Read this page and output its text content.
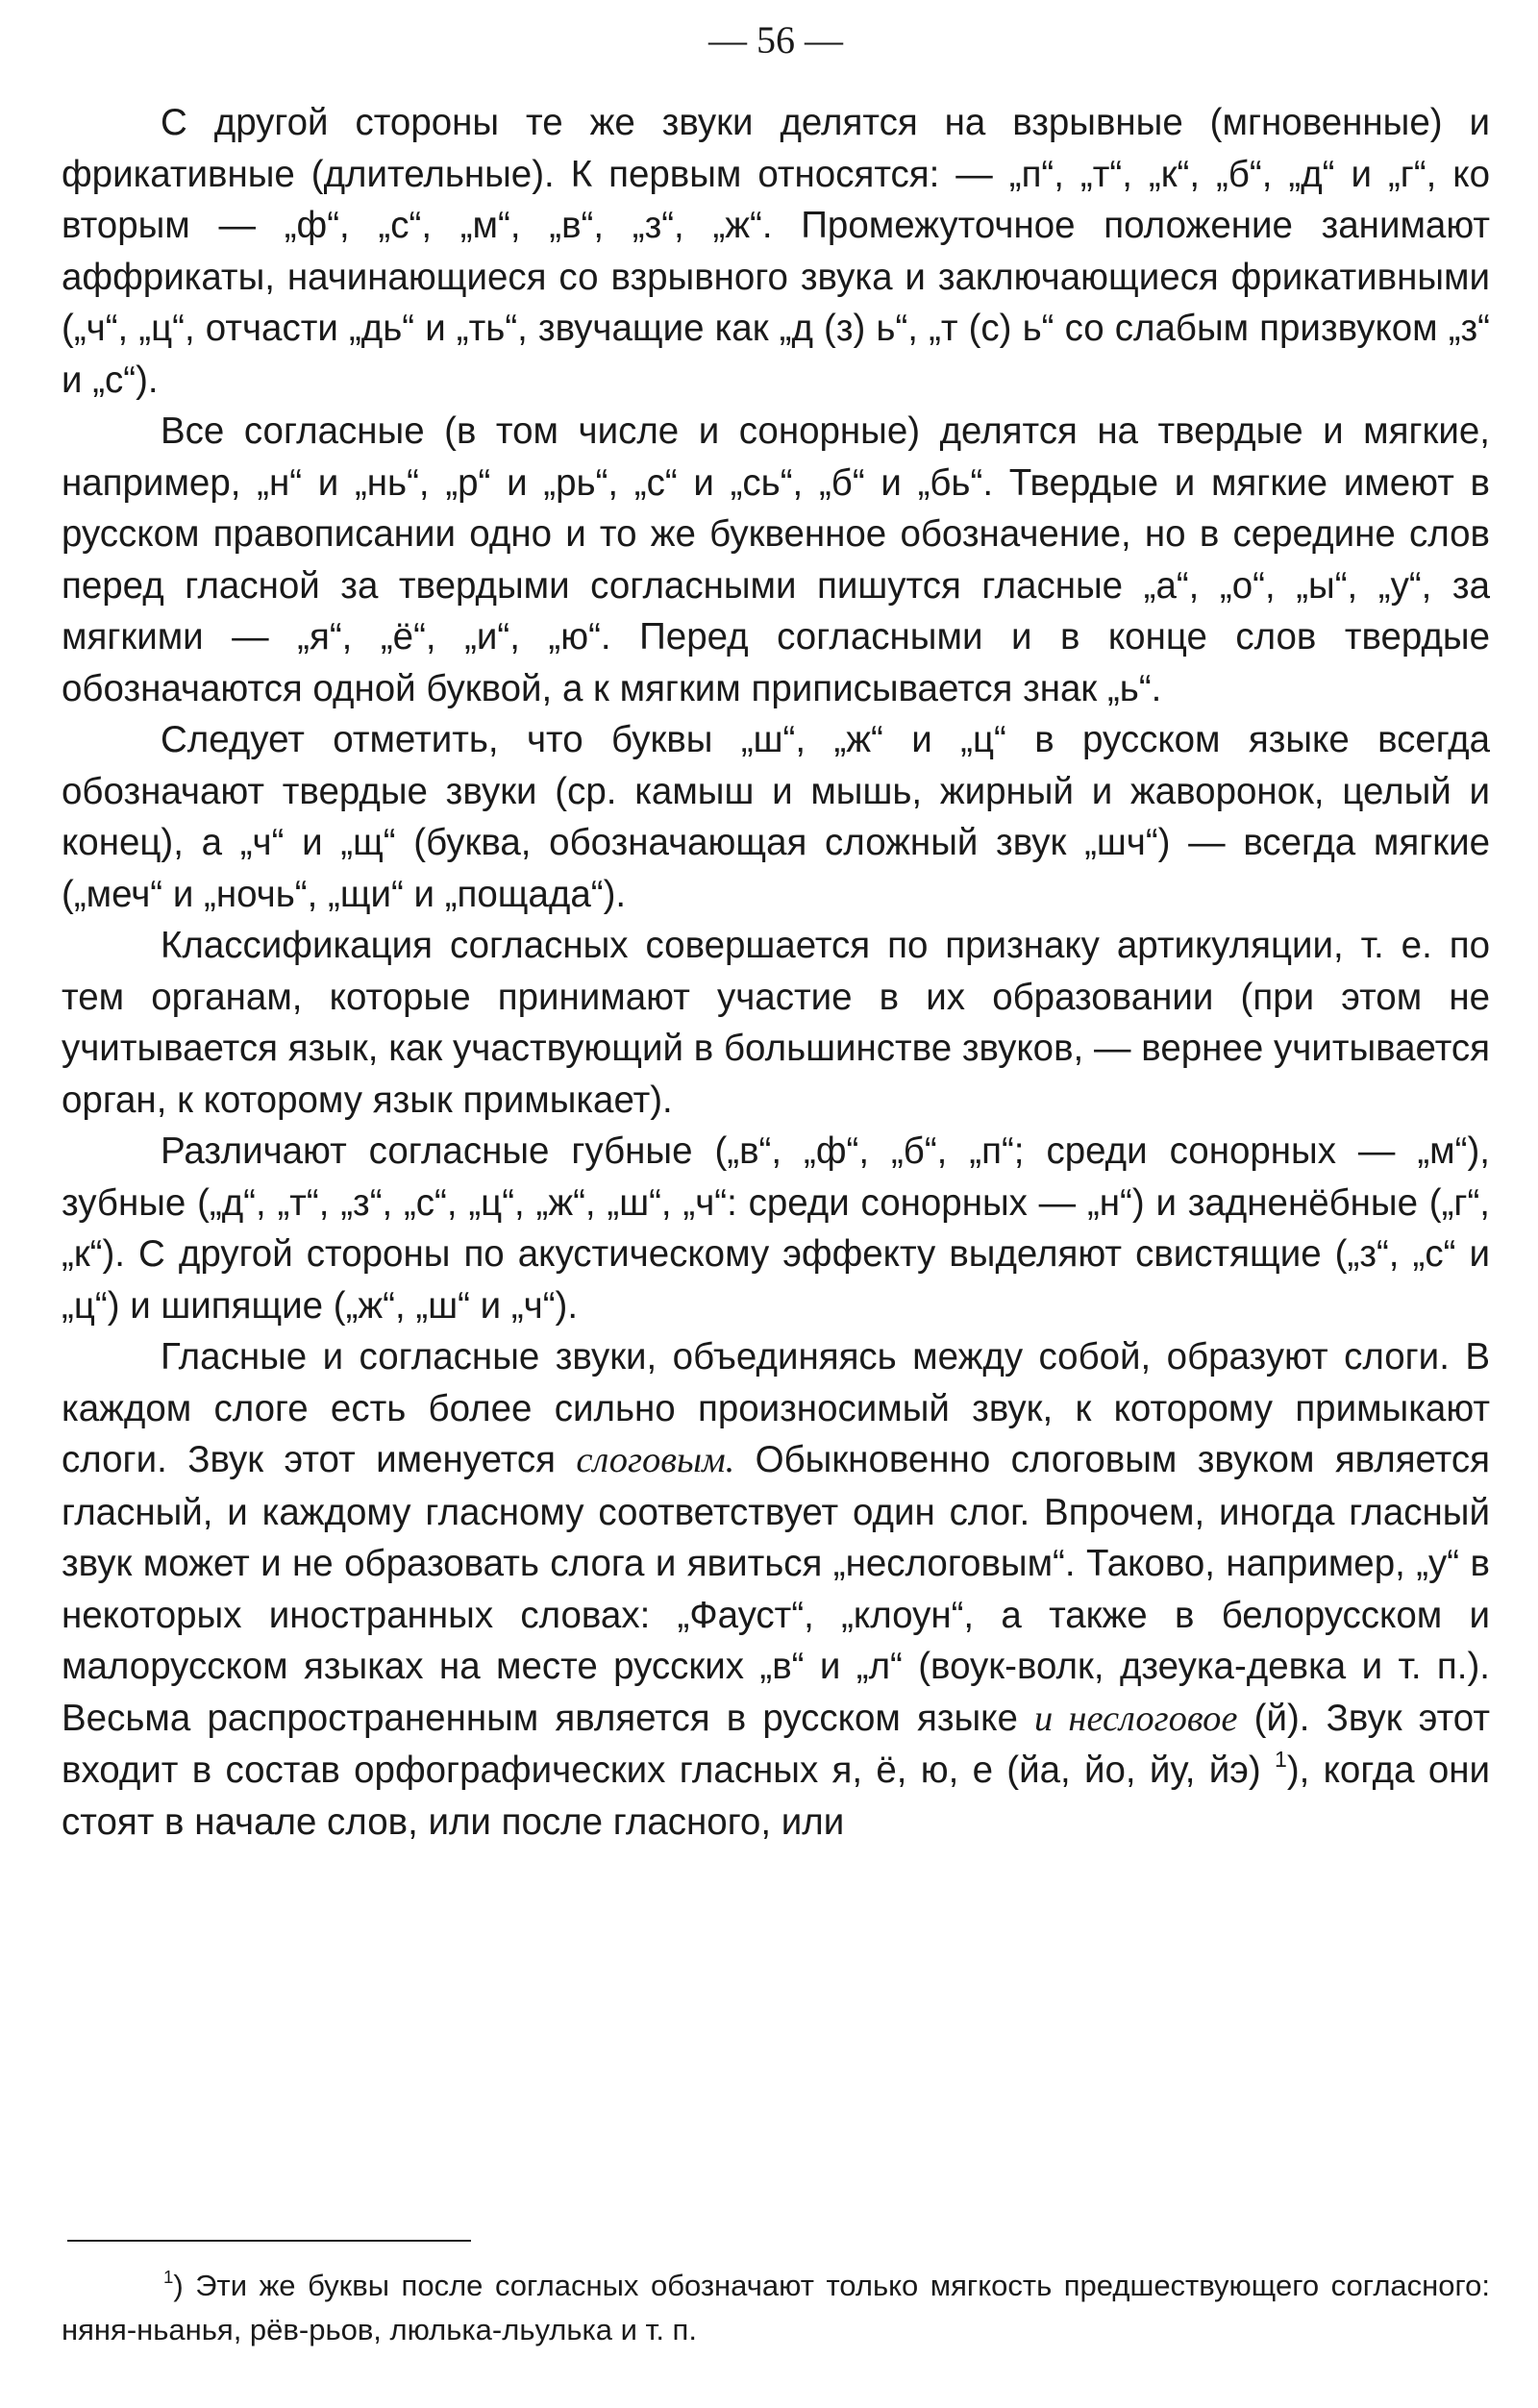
— 56 —

С другой стороны те же звуки делятся на взрывные (мгновенные) и фрикативные (длительные). К первым относятся: — „п“, „т“, „к“, „б“, „д“ и „г“, ко вторым — „ф“, „с“, „м“, „в“, „з“, „ж“. Промежуточное положение занимают аффрикаты, начинающиеся со взрывного звука и заключающиеся фрикативными („ч“, „ц“, отчасти „дь“ и „ть“, звучащие как „д (з) ь“, „т (с) ь“ со слабым призвуком „з“ и „с“).

Все согласные (в том числе и сонорные) делятся на твердые и мягкие, например, „н“ и „нь“, „р“ и „рь“, „с“ и „сь“, „б“ и „бь“. Твердые и мягкие имеют в русском правописании одно и то же буквенное обозначение, но в середине слов перед гласной за твердыми согласными пишутся гласные „а“, „о“, „ы“, „у“, за мягкими — „я“, „ё“, „и“, „ю“. Перед согласными и в конце слов твердые обозначаются одной буквой, а к мягким приписывается знак „ь“.

Следует отметить, что буквы „ш“, „ж“ и „ц“ в русском языке всегда обозначают твердые звуки (ср. камыш и мышь, жирный и жаворонок, целый и конец), а „ч“ и „щ“ (буква, обозначающая сложный звук „шч“) — всегда мягкие („меч“ и „ночь“, „щи“ и „пощада“).

Классификация согласных совершается по признаку артикуляции, т. е. по тем органам, которые принимают участие в их образовании (при этом не учитывается язык, как участвующий в большинстве звуков, — вернее учитывается орган, к которому язык примыкает).

Различают согласные губные („в“, „ф“, „б“, „п“; среди сонорных — „м“), зубные („д“, „т“, „з“, „с“, „ц“, „ж“, „ш“, „ч“: среди сонорных — „н“) и задненёбные („г“, „к“). С другой стороны по акустическому эффекту выделяют свистящие („з“, „с“ и „ц“) и шипящие („ж“, „ш“ и „ч“).

Гласные и согласные звуки, объединяясь между собой, образуют слоги. В каждом слоге есть более сильно произносимый звук, к которому примыкают слоги. Звук этот именуется слоговым. Обыкновенно слоговым звуком является гласный, и каждому гласному соответствует один слог. Впрочем, иногда гласный звук может и не образовать слога и явиться „неслоговым“. Таково, например, „у“ в некоторых иностранных словах: „Фауст“, „клоун“, а также в белорусском и малорусском языках на месте русских „в“ и „л“ (воук-волк, дзеука-девка и т. п.). Весьма распространенным является в русском языке и неслоговое (й). Звук этот входит в состав орфографических гласных я, ё, ю, е (йа, йо, йу, йэ) $^1$), когда они стоят в начале слов, или после гласного, или

$^1$) Эти же буквы после согласных обозначают только мягкость предшествующего согласного: няня-ньанья, рёв-рьов, люлька-льулька и т. п.
